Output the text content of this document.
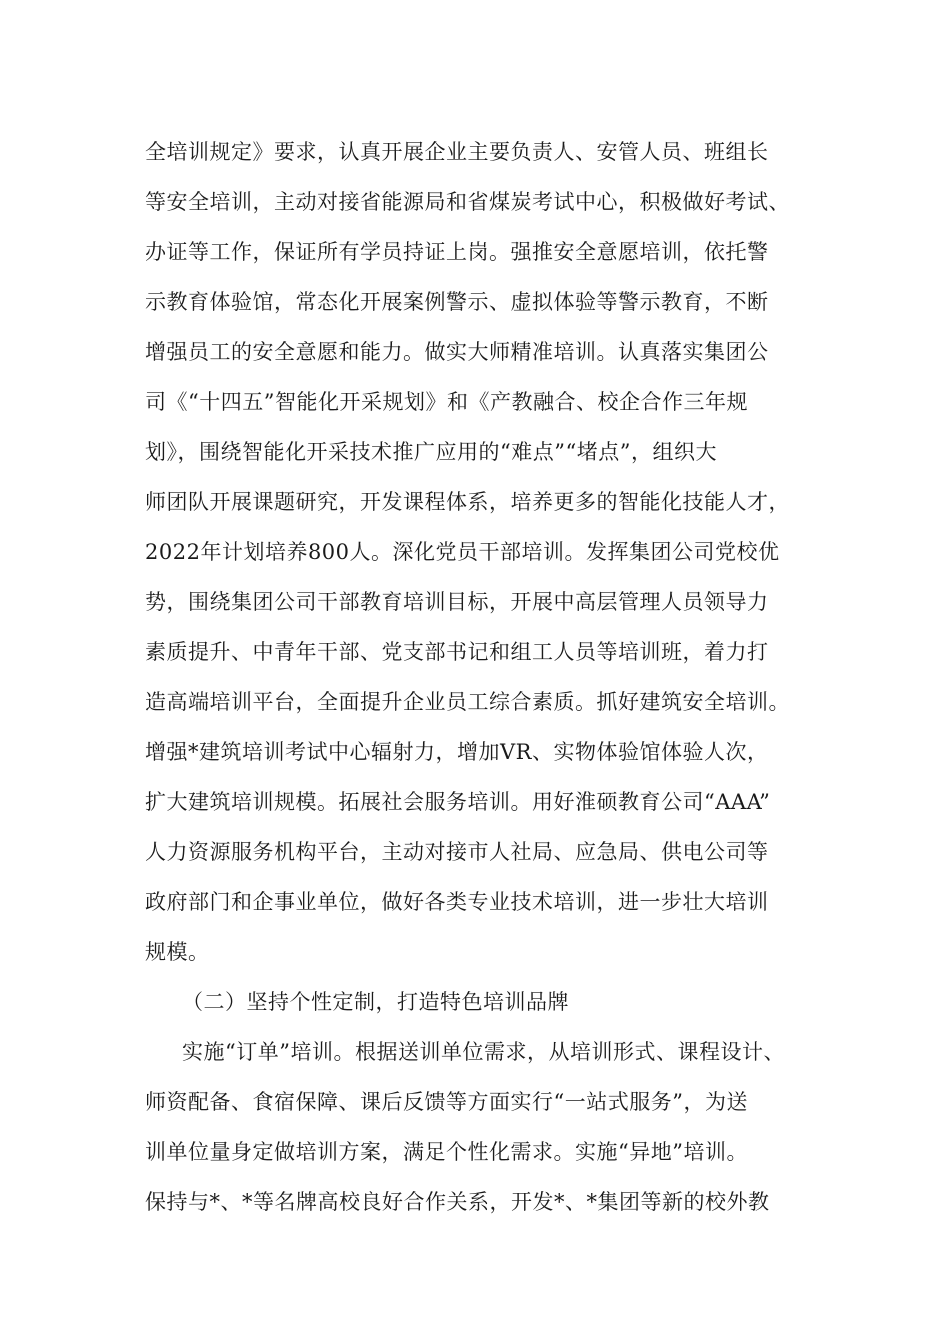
全培训规定》要求，认真开展企业主要负责人、安管人员、班组长
等安全培训，主动对接省能源局和省煤炭考试中心，积极做好考试、
办证等工作，保证所有学员持证上岗。强推安全意愿培训，依托警
示教育体验馆，常态化开展案例警示、虚拟体验等警示教育，不断
增强员工的安全意愿和能力。做实大师精准培训。认真落实集团公
司《“十四五”智能化开采规划》和《产教融合、校企合作三年规
划》，围绕智能化开采技术推广应用的“难点”“堵点”，组织大
师团队开展课题研究，开发课程体系，培养更多的智能化技能人才，
2022年计划培养800人。深化党员干部培训。发挥集团公司党校优
势，围绕集团公司干部教育培训目标，开展中高层管理人员领导力
素质提升、中青年干部、党支部书记和组工人员等培训班，着力打
造高端培训平台，全面提升企业员工综合素质。抓好建筑安全培训。
增强*建筑培训考试中心辐射力，增加VR、实物体验馆体验人次，
扩大建筑培训规模。拓展社会服务培训。用好淮硕教育公司“AAA”
人力资源服务机构平台，主动对接市人社局、应急局、供电公司等
政府部门和企事业单位，做好各类专业技术培训，进一步壮大培训
规模。
（二）坚持个性定制，打造特色培训品牌
实施“订单”培训。根据送训单位需求，从培训形式、课程设计、
师资配备、食宿保障、课后反馈等方面实行“一站式服务”，为送
训单位量身定做培训方案，满足个性化需求。实施“异地”培训。
保持与*、*等名牌高校良好合作关系，开发*、*集团等新的校外教
